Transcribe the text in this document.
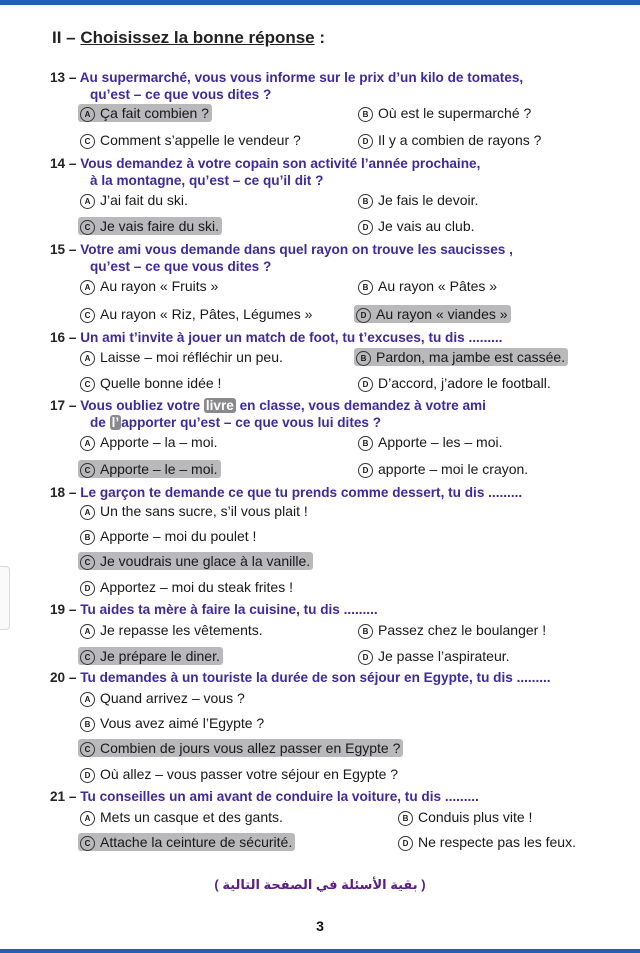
II – Choisissez la bonne réponse :
13 – Au supermarché, vous vous informe sur le prix d’un kilo de tomates,
qu’est – ce que vous dites ?
A Ça fait combien ?	B Où est le supermarché ?
C Comment s’appelle le vendeur ?	D Il y a combien de rayons ?
14 – Vous demandez à votre copain son activité l’année prochaine,
à la montagne, qu’est – ce qu’il dit ?
A J’ai fait du ski.	B Je fais le devoir.
C Je vais faire du ski.	D Je vais au club.
15 – Votre ami vous demande dans quel rayon on trouve les saucisses ,
qu’est – ce que vous dites ?
A Au rayon « Fruits »	B Au rayon « Pâtes »
C Au rayon « Riz, Pâtes, Légumes »	D Au rayon « viandes »
16 – Un ami t’invite à jouer un match de foot, tu t’excuses, tu dis .........
A Laisse – moi réfléchir un peu.	B Pardon, ma jambe est cassée.
C Quelle bonne idée !	D D’accord, j’adore le football.
17 – Vous oubliez votre livre en classe, vous demandez à votre ami
de l’ apporter qu’est – ce que vous lui dites ?
A Apporte – la – moi.	B Apporte – les – moi.
C Apporte – le – moi.	D apporte – moi le crayon.
18 – Le garçon te demande ce que tu prends comme dessert, tu dis .........
A Un the sans sucre, s’il vous plait !
B Apporte – moi du poulet !
C Je voudrais une glace à la vanille.
D Apportez – moi du steak frites !
19 – Tu aides ta mère à faire la cuisine, tu dis .........
A Je repasse les vêtements.	B Passez chez le boulanger !
C Je prépare le diner.	D Je passe l’aspirateur.
20 – Tu demandes à un touriste la durée de son séjour en Egypte, tu dis .........
A Quand arrivez – vous ?
B Vous avez aimé l’Egypte ?
C Combien de jours vous allez passer en Egypte ?
D Où allez – vous passer votre séjour en Egypte ?
21 – Tu conseilles un ami avant de conduire la voiture, tu dis .........
A Mets un casque et des gants.	B Conduis plus vite !
C Attache la ceinture de sécurité.	D Ne respecte pas les feux.
( بقية الأسئلة في الصفحة التالية )
3
